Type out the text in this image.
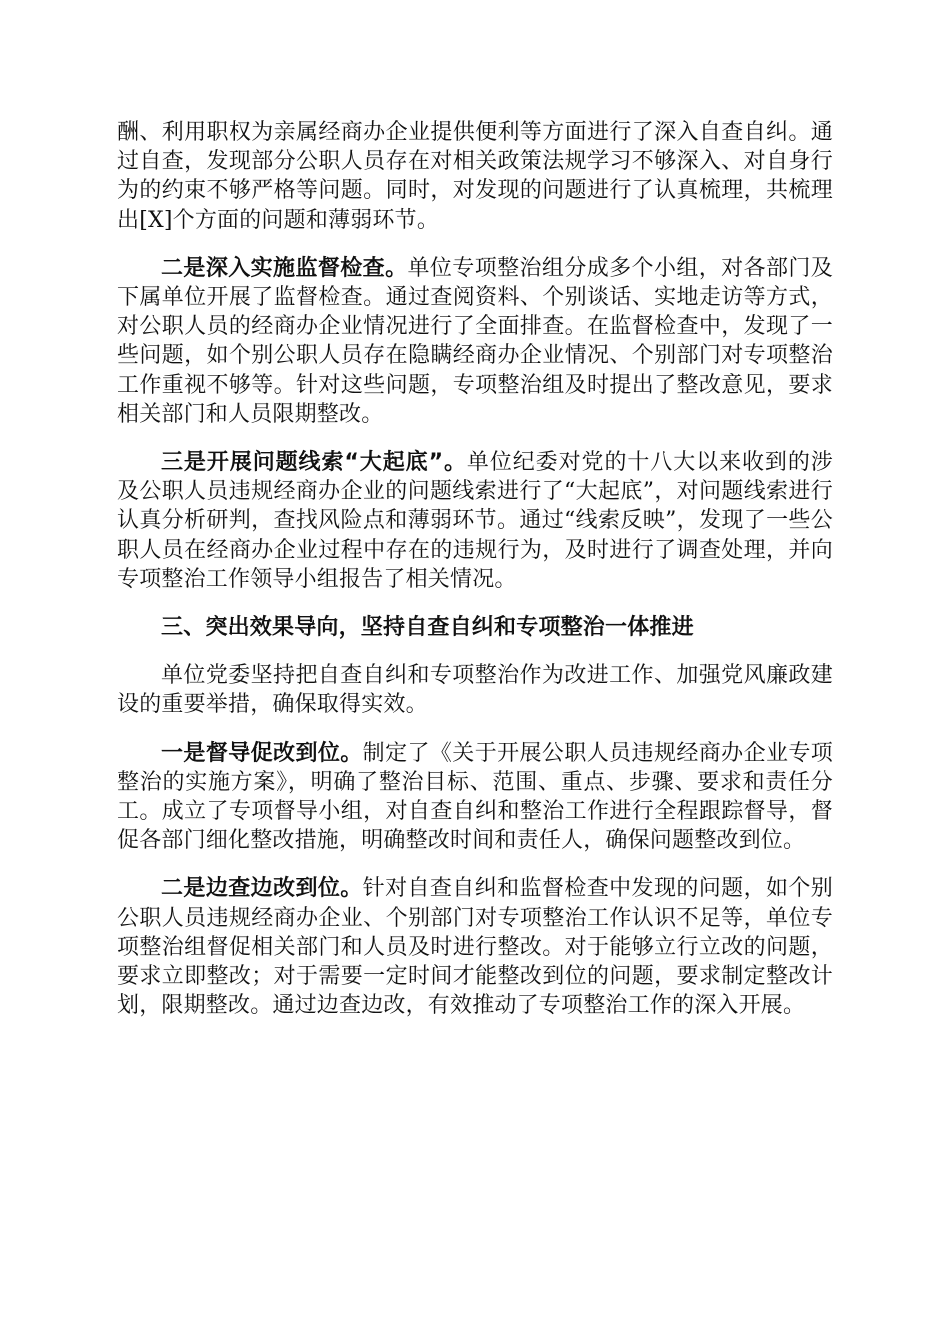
酬、利用职权为亲属经商办企业提供便利等方面进行了深入自查自纠。通过自查，发现部分公职人员存在对相关政策法规学习不够深入、对自身行为的约束不够严格等问题。同时，对发现的问题进行了认真梳理，共梳理出[X]个方面的问题和薄弱环节。

二是深入实施监督检查。单位专项整治组分成多个小组，对各部门及下属单位开展了监督检查。通过查阅资料、个别谈话、实地走访等方式，对公职人员的经商办企业情况进行了全面排查。在监督检查中，发现了一些问题，如个别公职人员存在隐瞒经商办企业情况、个别部门对专项整治工作重视不够等。针对这些问题，专项整治组及时提出了整改意见，要求相关部门和人员限期整改。

三是开展问题线索“大起底”。单位纪委对党的十八大以来收到的涉及公职人员违规经商办企业的问题线索进行了“大起底”，对问题线索进行认真分析研判，查找风险点和薄弱环节。通过“线索反映”，发现了一些公职人员在经商办企业过程中存在的违规行为，及时进行了调查处理，并向专项整治工作领导小组报告了相关情况。

三、突出效果导向，坚持自查自纠和专项整治一体推进

单位党委坚持把自查自纠和专项整治作为改进工作、加强党风廉政建设的重要举措，确保取得实效。

一是督导促改到位。制定了《关于开展公职人员违规经商办企业专项整治的实施方案》，明确了整治目标、范围、重点、步骤、要求和责任分工。成立了专项督导小组，对自查自纠和整治工作进行全程跟踪督导，督促各部门细化整改措施，明确整改时间和责任人，确保问题整改到位。

二是边查边改到位。针对自查自纠和监督检查中发现的问题，如个别公职人员违规经商办企业、个别部门对专项整治工作认识不足等，单位专项整治组督促相关部门和人员及时进行整改。对于能够立行立改的问题，要求立即整改；对于需要一定时间才能整改到位的问题，要求制定整改计划，限期整改。通过边查边改，有效推动了专项整治工作的深入开展。
